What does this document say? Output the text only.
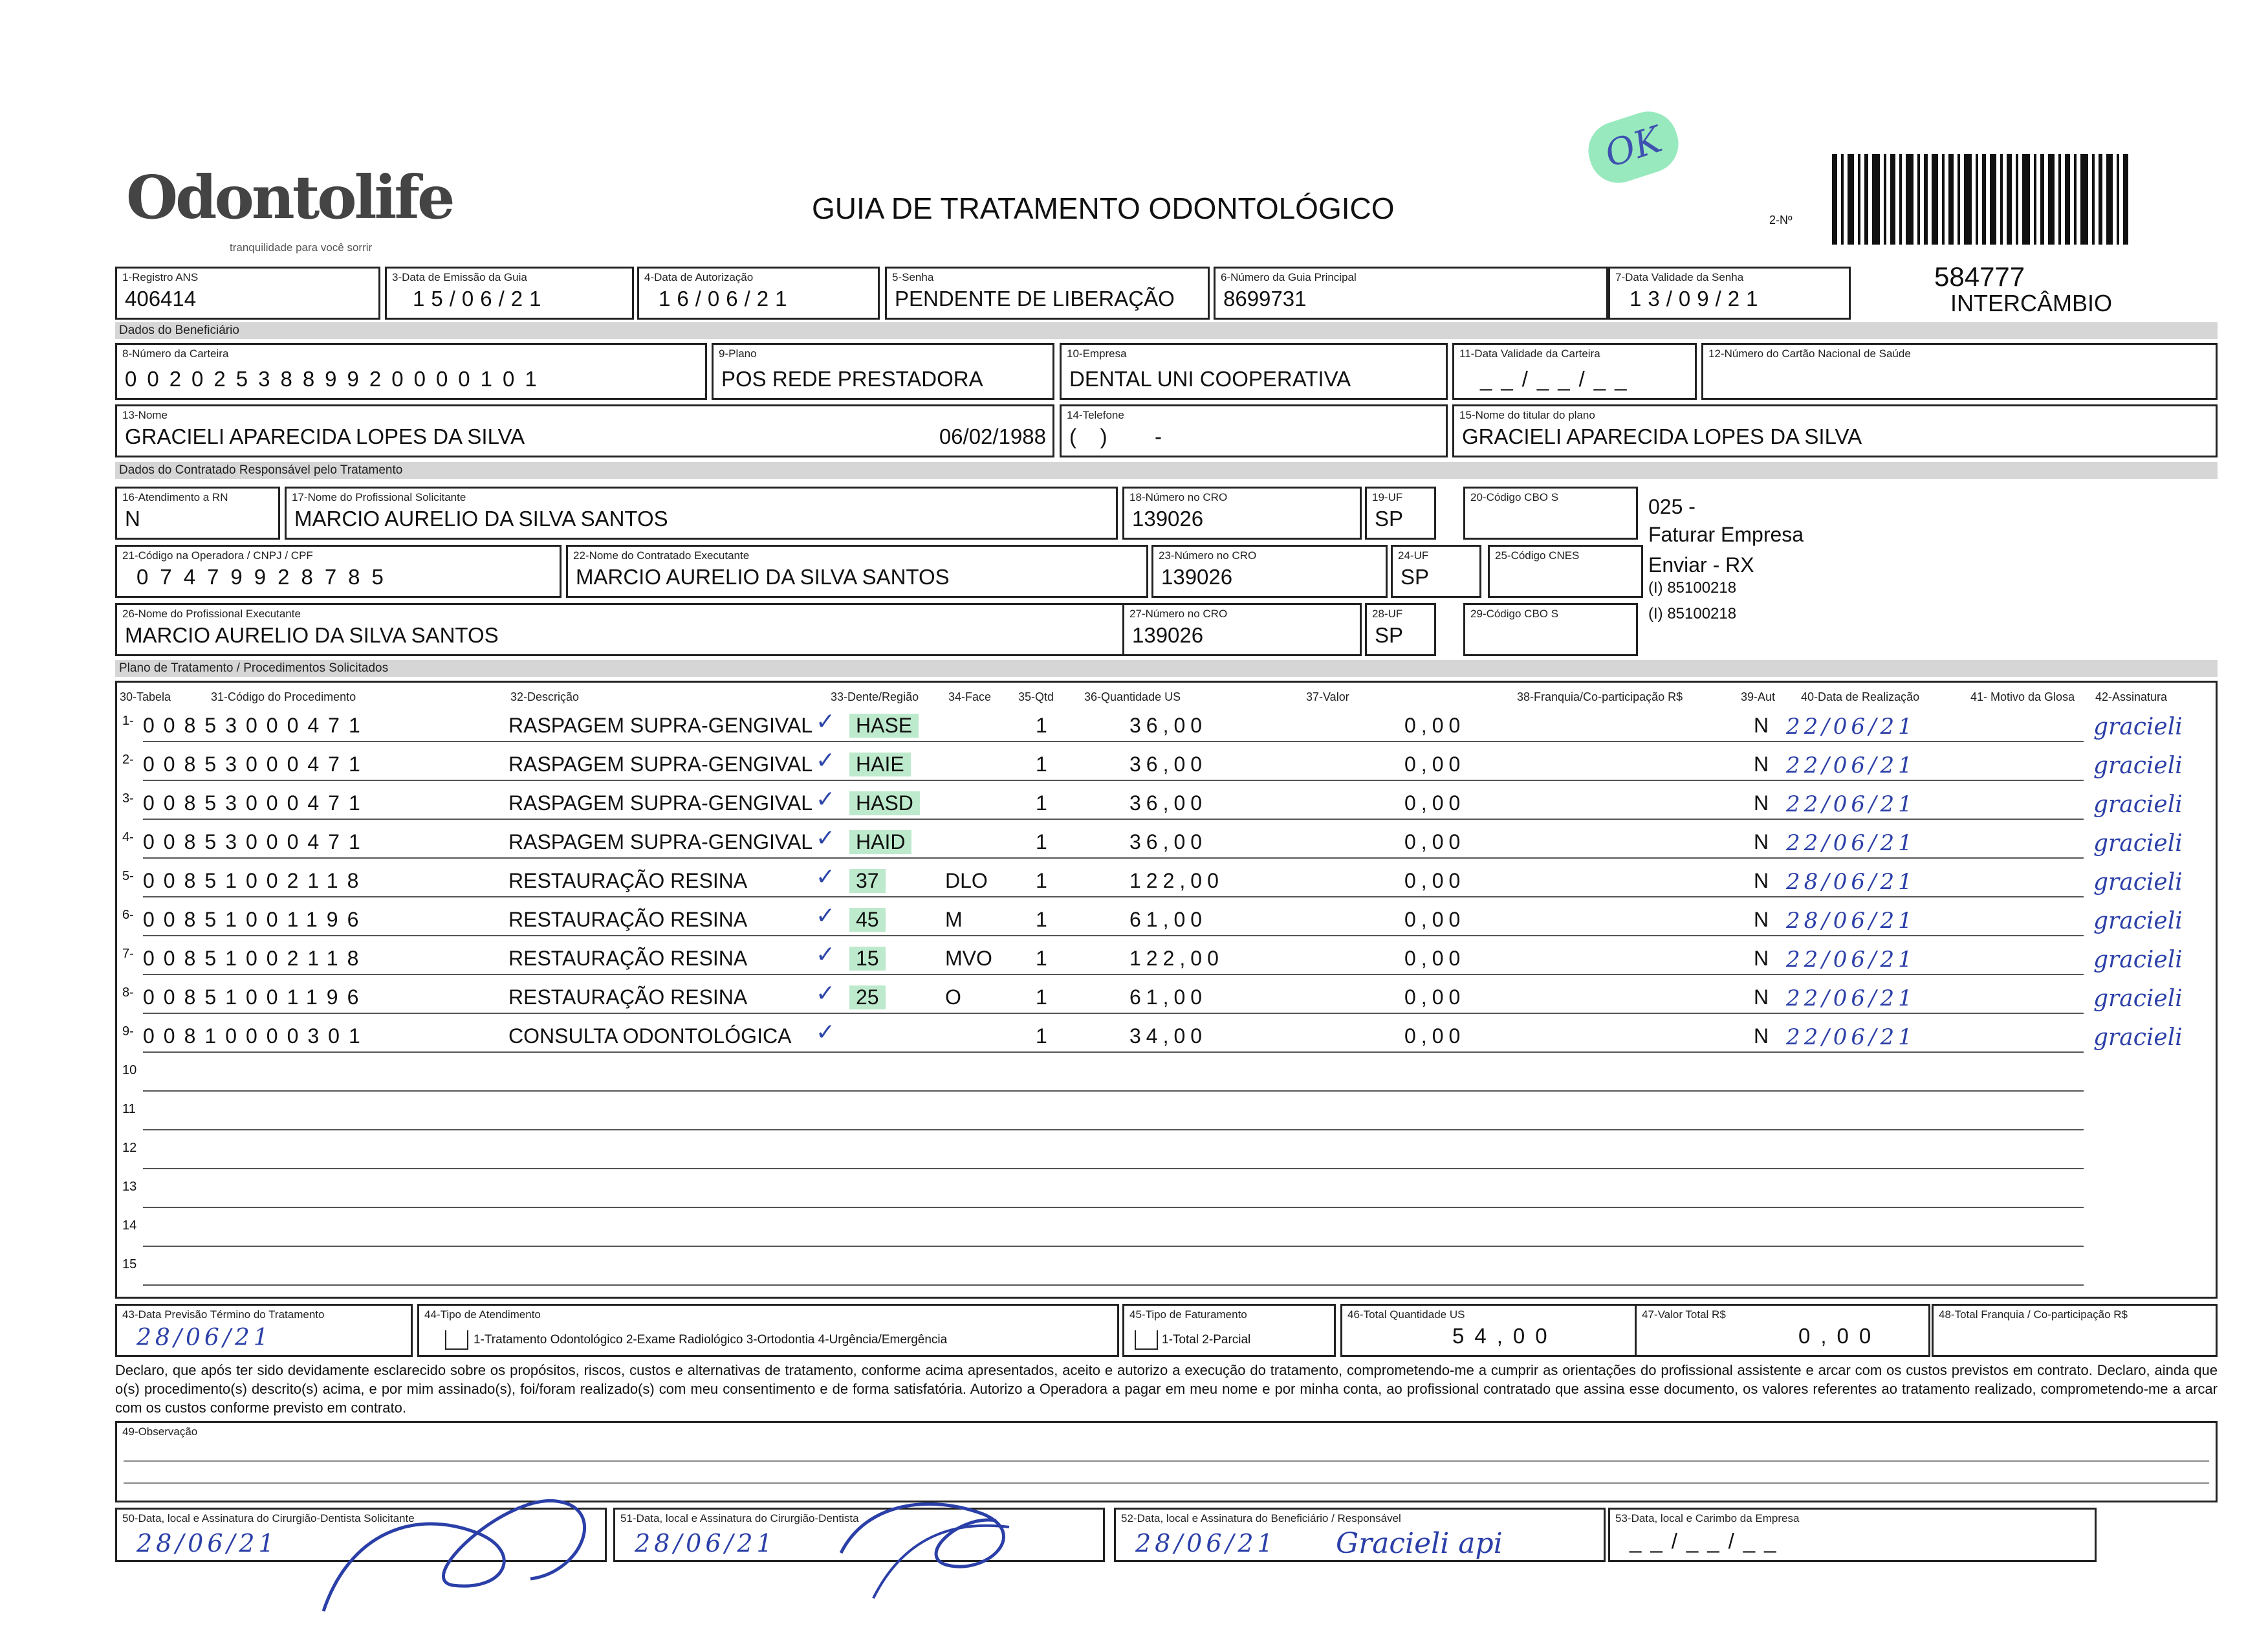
Odontolife
tranquilidade para você sorrir
GUIA DE TRATAMENTO ODONTOLÓGICO
OK
2-Nº
584777
INTERCÂMBIO
1-Registro ANS
406414
3-Data de Emissão da Guia
15/06/21
4-Data de Autorização
16/06/21
5-Senha
PENDENTE DE LIBERAÇÃO
6-Número da Guia Principal
8699731
7-Data Validade da Senha
13/09/21
Dados do Beneficiário
8-Número da Carteira
0020253889920000101
9-Plano
POS REDE PRESTADORA
10-Empresa
DENTAL UNI COOPERATIVA
11-Data Validade da Carteira
__/__/__
12-Número do Cartão Nacional de Saúde
13-Nome
GRACIELI APARECIDA LOPES DA SILVA	06/02/1988
14-Telefone
(    )        -
15-Nome do titular do plano
GRACIELI APARECIDA LOPES DA SILVA
Dados do Contratado Responsável pelo Tratamento
16-Atendimento a RN
N
17-Nome do Profissional Solicitante
MARCIO AURELIO DA SILVA SANTOS
18-Número no CRO
139026
19-UF
SP
20-Código CBO S	025 -
Faturar Empresa
Enviar - RX
(I) 85100218
(I) 85100218
21-Código na Operadora / CNPJ / CPF
07479928785
22-Nome do Contratado Executante
MARCIO AURELIO DA SILVA SANTOS
23-Número no CRO
139026
24-UF
SP
25-Código CNES
26-Nome do Profissional Executante
MARCIO AURELIO DA SILVA SANTOS
27-Número no CRO
139026
28-UF
SP
29-Código CBO S
Plano de Tratamento / Procedimentos Solicitados
30-Tabela	31-Código do Procedimento	32-Descrição	33-Dente/Região	34-Face 35-Qtd	36-Quantidade US	37-Valor	38-Franquia/Co-participação R$	39-Aut 40-Data de Realização	41- Motivo da Glosa 42-Assinatura
1- 00853000471	RASPAGEM SUPRA-GENGIVAL	HASE	1	36,00	0,00	N 22/06/21	gracieli
✓
2- 00853000471	RASPAGEM SUPRA-GENGIVAL	HAIE	1	36,00	0,00	N 22/06/21	gracieli
✓
3- 00853000471	RASPAGEM SUPRA-GENGIVAL	HASD	1	36,00	0,00	N 22/06/21	gracieli
✓
4- 00853000471	RASPAGEM SUPRA-GENGIVAL	HAID	1	36,00	0,00	N 22/06/21	gracieli
✓
5- 00851002118	RESTAURAÇÃO RESINA	37	DLO 1	122,00	0,00	N 28/06/21	gracieli
✓
6- 00851001196	RESTAURAÇÃO RESINA	45	M	1	61,00	0,00	N 28/06/21	gracieli
✓
7- 00851002118	RESTAURAÇÃO RESINA	15	MVO 1	122,00	0,00	N 22/06/21	gracieli
✓
8- 00851001196	RESTAURAÇÃO RESINA	25	O	1	61,00	0,00	N 22/06/21	gracieli
✓
9- 00810000301	CONSULTA ODONTOLÓGICA	1	34,00	0,00	N 22/06/21	gracieli
✓
10
11
12
13
14
15
43-Data Previsão Término do Tratamento
28/06/21
44-Tipo de Atendimento
1-Tratamento Odontológico 2-Exame Radiológico 3-Ortodontia 4-Urgência/Emergência
45-Tipo de Faturamento
1-Total 2-Parcial
46-Total Quantidade US
54,00
47-Valor Total R$
0,00
48-Total Franquia / Co-participação R$
Declaro, que após ter sido devidamente esclarecido sobre os propósitos, riscos, custos e alternativas de tratamento, conforme acima apresentados, aceito e autorizo a execução do tratamento, comprometendo-me a cumprir as orientações do profissional assistente e arcar com os custos previstos em contrato. Declaro, ainda que o(s) procedimento(s) descrito(s) acima, e por mim assinado(s), foi/foram realizado(s) com meu consentimento e de forma satisfatória. Autorizo a Operadora a pagar em meu nome e por minha conta, ao profissional contratado que assina esse documento, os valores referentes ao tratamento realizado, comprometendo-me a arcar com os custos conforme previsto em contrato.
49-Observação
50-Data, local e Assinatura do Cirurgião-Dentista Solicitante
28/06/21
51-Data, local e Assinatura do Cirurgião-Dentista
28/06/21
52-Data, local e Assinatura do Beneficiário / Responsável
28/06/21 Gracieli api
53-Data, local e Carimbo da Empresa
__/__/__
